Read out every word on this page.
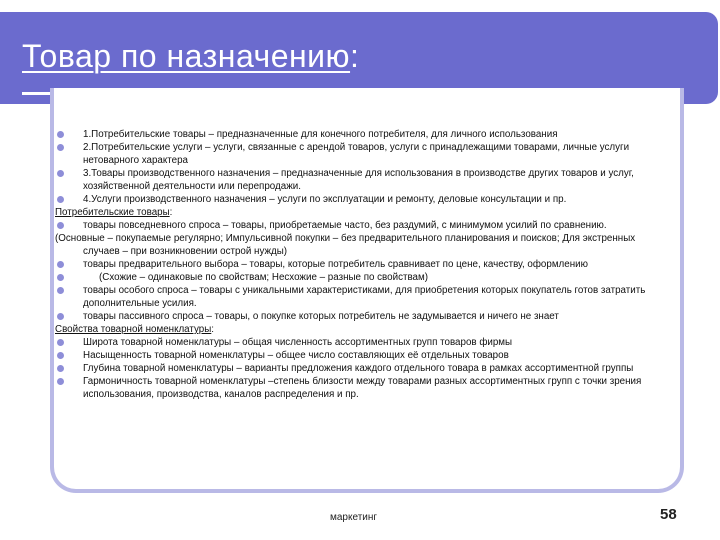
Товар по назначению:
1.Потребительские товары – предназначенные для конечного потребителя, для личного использования
2.Потребительские услуги – услуги, связанные с арендой товаров, услуги с принадлежащими товарами, личные услуги нетоварного характера
3.Товары производственного назначения – предназначенные для использования в производстве других товаров и услуг, хозяйственной деятельности или перепродажи.
4.Услуги производственного назначения – услуги по эксплуатации и ремонту, деловые консультации и пр.
Потребительские товары:
товары повседневного спроса – товары, приобретаемые часто, без раздумий, с минимумом усилий по сравнению.
(Основные – покупаемые регулярно; Импульсивной покупки – без предварительного планирования и поисков; Для экстренных случаев – при возникновении острой нужды)
товары предварительного выбора – товары, которые потребитель сравнивает по цене, качеству, оформлению
(Схожие – одинаковые по свойствам; Несхожие – разные по свойствам)
товары особого спроса – товары с уникальными характеристиками, для приобретения которых покупатель готов затратить дополнительные усилия.
товары пассивного спроса – товары, о покупке которых потребитель не задумывается и ничего не знает
Свойства товарной номенклатуры:
Широта товарной номенклатуры – общая численность ассортиментных групп товаров фирмы
Насыщенность товарной номенклатуры – общее число составляющих её отдельных товаров
Глубина товарной номенклатуры – варианты предложения каждого отдельного товара в рамках ассортиментной группы
Гармоничность товарной номенклатуры –степень близости между товарами разных ассортиментных групп с точки зрения использования, производства, каналов распределения и пр.
маркетинг	58
